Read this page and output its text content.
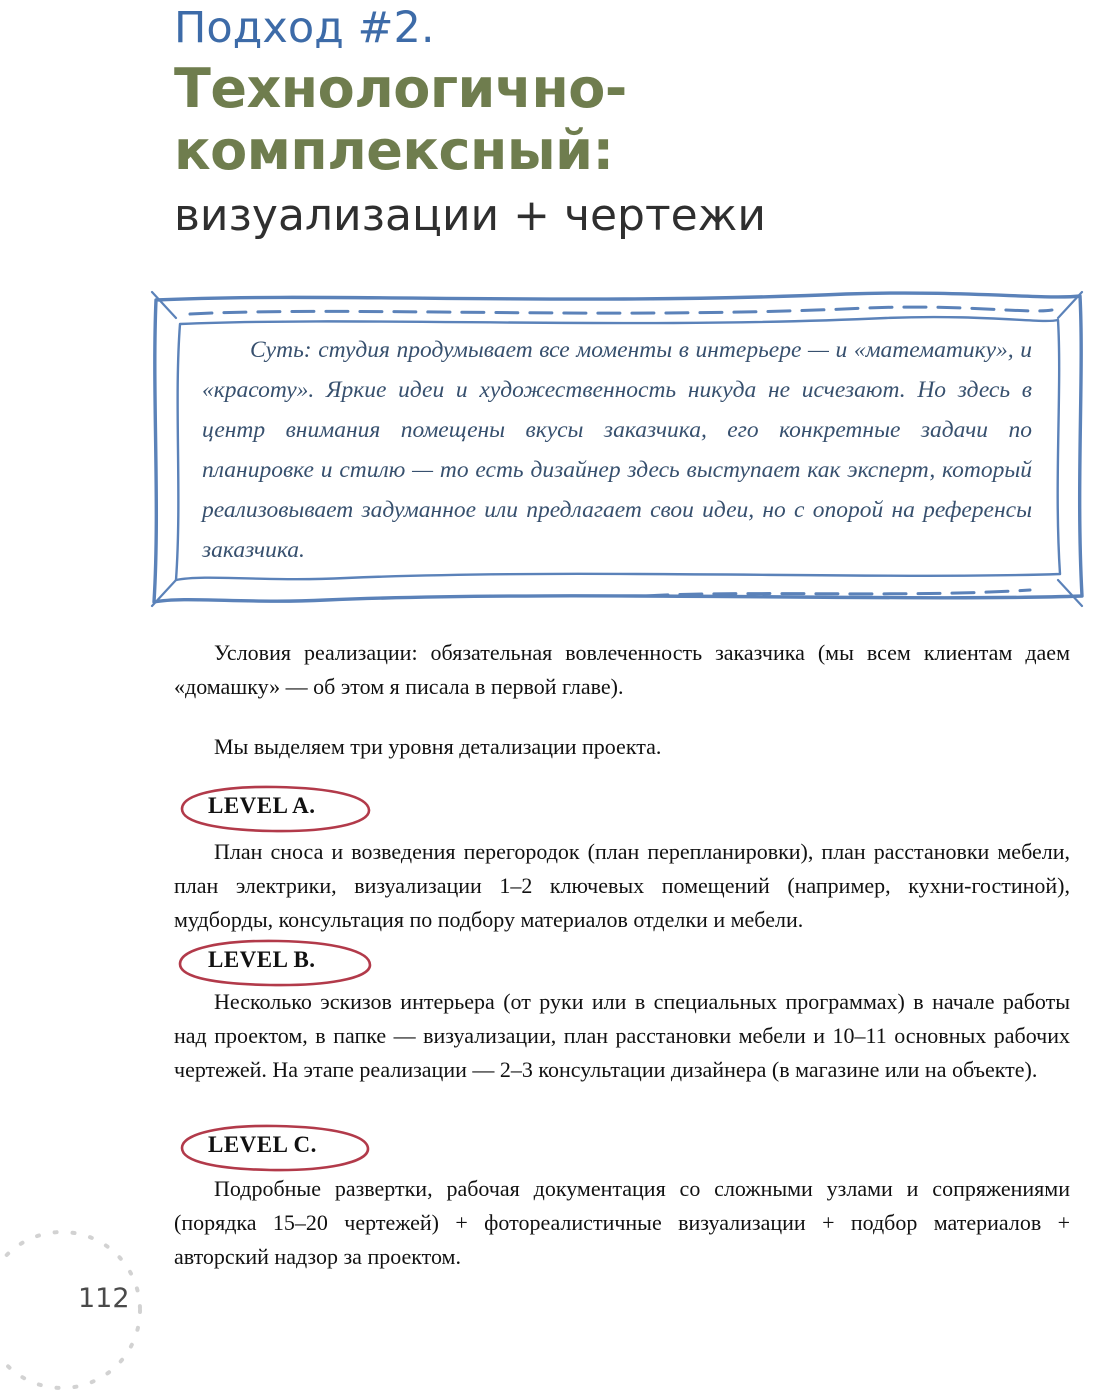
Подход #2.
Технологично-
комплексный:
визуализации + чертежи
Суть: студия продумывает все моменты в интерьере — и «математику», и «красоту». Яркие идеи и художественность никуда не исчезают. Но здесь в центр внимания помещены вкусы заказчика, его конкретные задачи по планировке и стилю — то есть дизайнер здесь выступает как эксперт, который реализовывает задуманное или предлагает свои идеи, но с опорой на референсы заказчика.
Условия реализации: обязательная вовлеченность заказчика (мы всем клиентам даем «домашку» — об этом я писала в первой главе).
Мы выделяем три уровня детализации проекта.
LEVEL A.
План сноса и возведения перегородок (план перепланировки), план расстановки мебели, план электрики, визуализации 1–2 ключевых помещений (например, кухни-гостиной), мудборды, консультация по подбору материалов отделки и мебели.
LEVEL B.
Несколько эскизов интерьера (от руки или в специальных программах) в начале работы над проектом, в папке — визуализации, план расстановки мебели и 10–11 основных рабочих чертежей. На этапе реализации — 2–3 консультации дизайнера (в магазине или на объекте).
LEVEL C.
Подробные развертки, рабочая документация со сложными узлами и сопряжениями (порядка 15–20 чертежей) + фотореалистичные визуализации + подбор материалов + авторский надзор за проектом.
112
